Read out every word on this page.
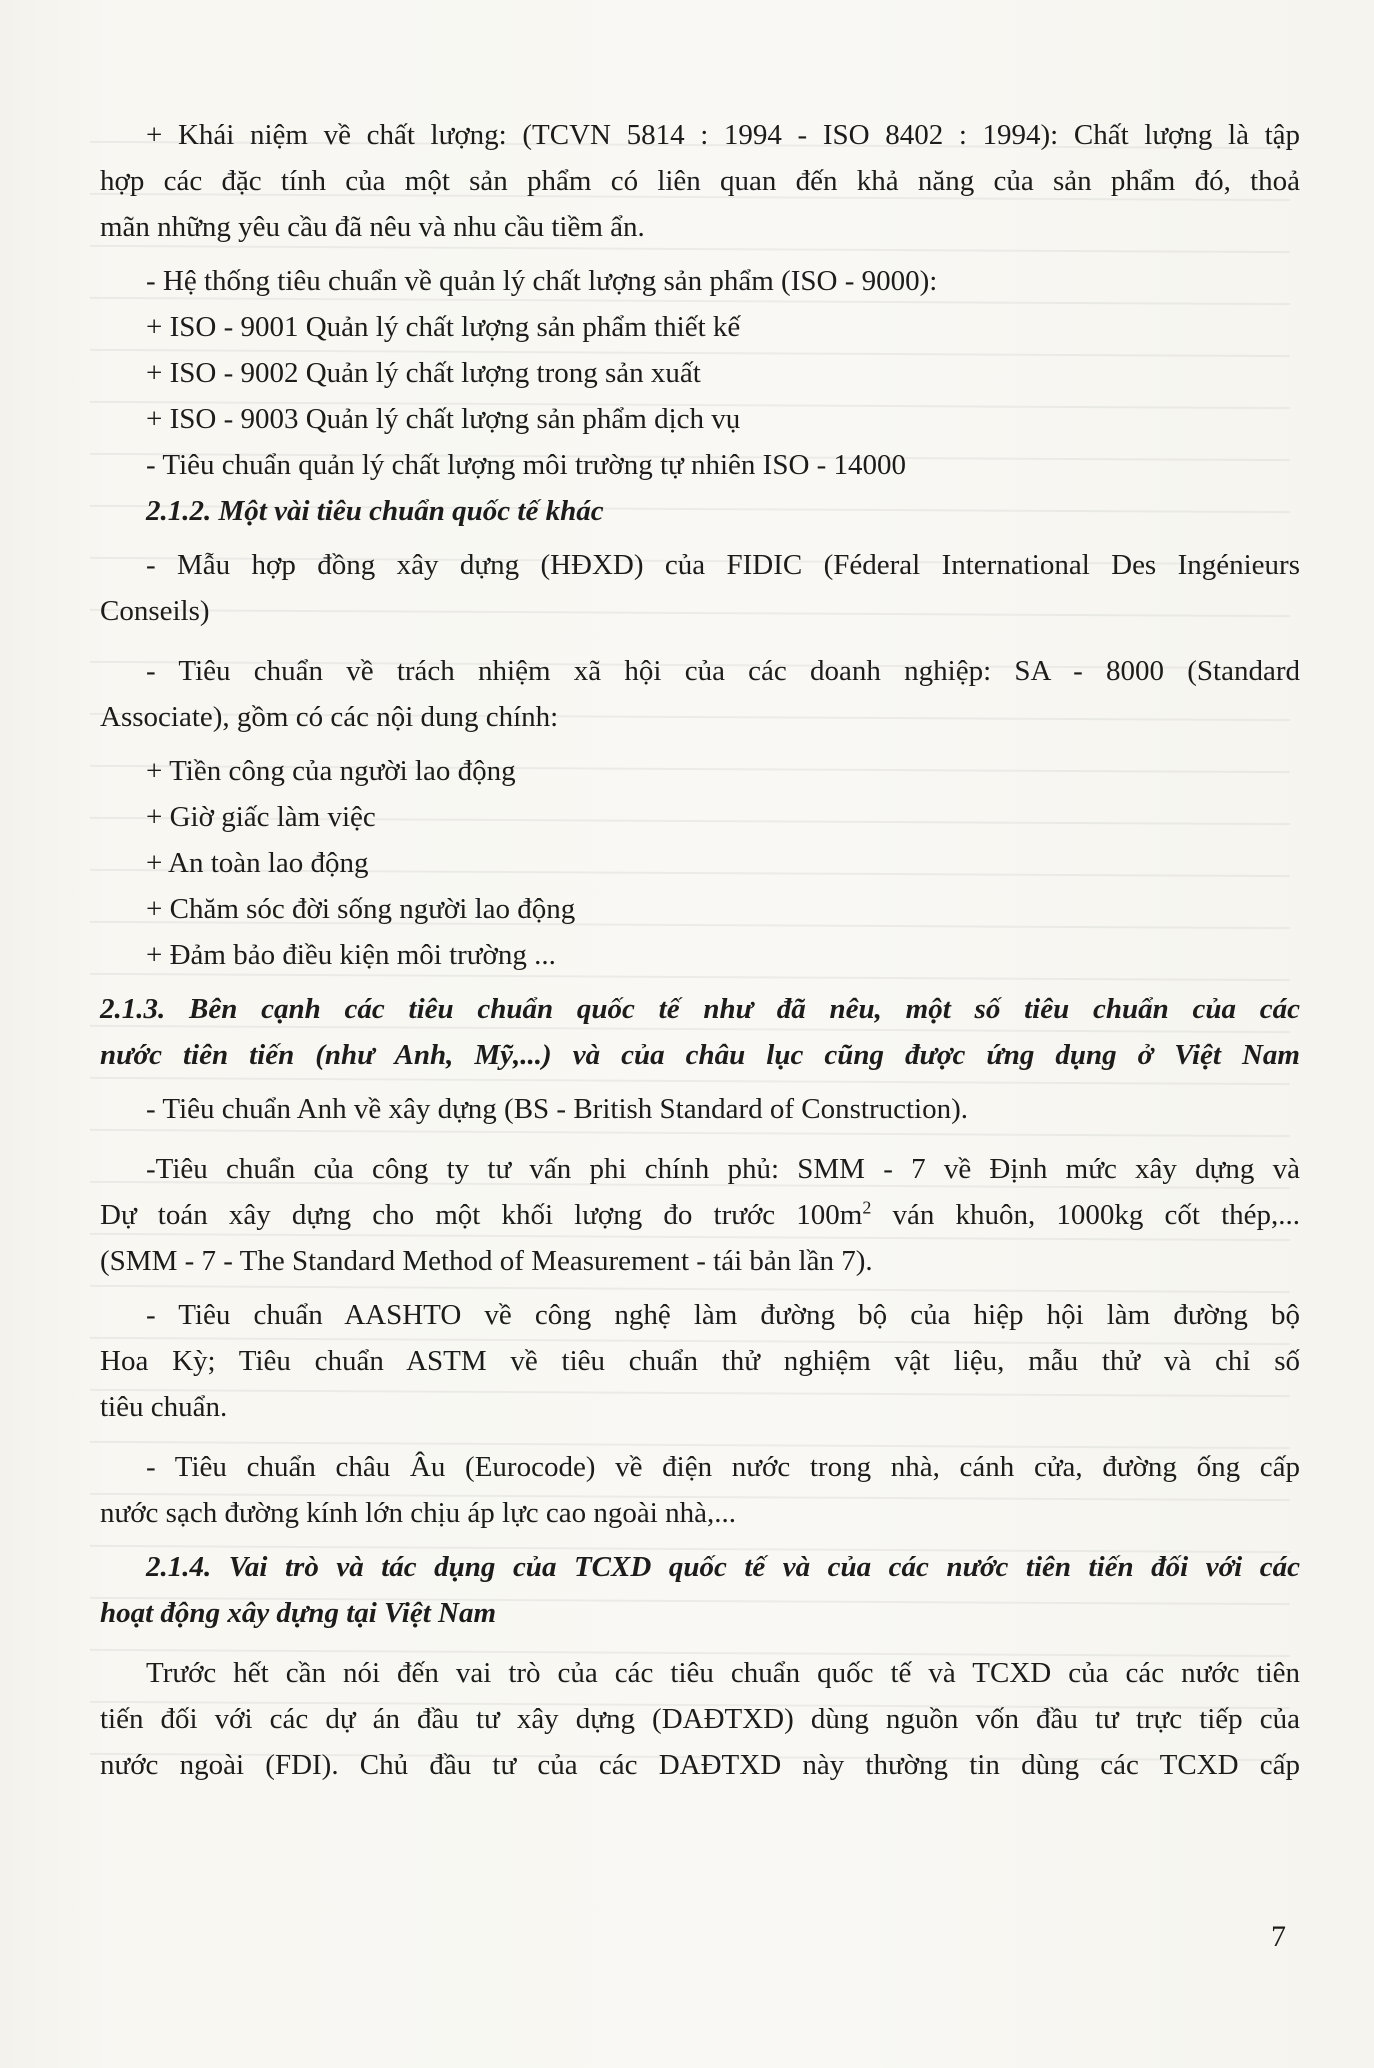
+ Khái niệm về chất lượng: (TCVN 5814 : 1994 - ISO 8402 : 1994): Chất lượng là tập

hợp các đặc tính của một sản phẩm có liên quan đến khả năng của sản phẩm đó, thoả

mãn những yêu cầu đã nêu và nhu cầu tiềm ẩn.

- Hệ thống tiêu chuẩn về quản lý chất lượng sản phẩm (ISO - 9000):

+ ISO - 9001 Quản lý chất lượng sản phẩm thiết kế

+ ISO - 9002 Quản lý chất lượng trong sản xuất

+ ISO - 9003 Quản lý chất lượng sản phẩm dịch vụ

- Tiêu chuẩn quản lý chất lượng môi trường tự nhiên ISO - 14000

2.1.2. Một vài tiêu chuẩn quốc tế khác

- Mẫu hợp đồng xây dựng (HĐXD) của FIDIC (Féderal International Des Ingénieurs

Conseils)

- Tiêu chuẩn về trách nhiệm xã hội của các doanh nghiệp: SA - 8000 (Standard

Associate), gồm có các nội dung chính:

+ Tiền công của người lao động

+ Giờ giấc làm việc

+ An toàn lao động

+ Chăm sóc đời sống người lao động

+ Đảm bảo điều kiện môi trường ...

2.1.3. Bên cạnh các tiêu chuẩn quốc tế như đã nêu, một số tiêu chuẩn của các

nước tiên tiến (như Anh, Mỹ,...) và của châu lục cũng được ứng dụng ở Việt Nam

- Tiêu chuẩn Anh về xây dựng (BS - British Standard of Construction).

-Tiêu chuẩn của công ty tư vấn phi chính phủ: SMM - 7 về Định mức xây dựng và

Dự toán xây dựng cho một khối lượng đo trước $100m^2$ ván khuôn, 1000kg cốt thép,...

(SMM - 7 - The Standard Method of Measurement - tái bản lần 7).

- Tiêu chuẩn AASHTO về công nghệ làm đường bộ của hiệp hội làm đường bộ

Hoa Kỳ; Tiêu chuẩn ASTM về tiêu chuẩn thử nghiệm vật liệu, mẫu thử và chỉ số

tiêu chuẩn.

- Tiêu chuẩn châu Âu (Eurocode) về điện nước trong nhà, cánh cửa, đường ống cấp

nước sạch đường kính lớn chịu áp lực cao ngoài nhà,...

2.1.4. Vai trò và tác dụng của TCXD quốc tế và của các nước tiên tiến đối với các

hoạt động xây dựng tại Việt Nam

Trước hết cần nói đến vai trò của các tiêu chuẩn quốc tế và TCXD của các nước tiên

tiến đối với các dự án đầu tư xây dựng (DAĐTXD) dùng nguồn vốn đầu tư trực tiếp của

nước ngoài (FDI). Chủ đầu tư của các DAĐTXD này thường tin dùng các TCXD cấp

7
